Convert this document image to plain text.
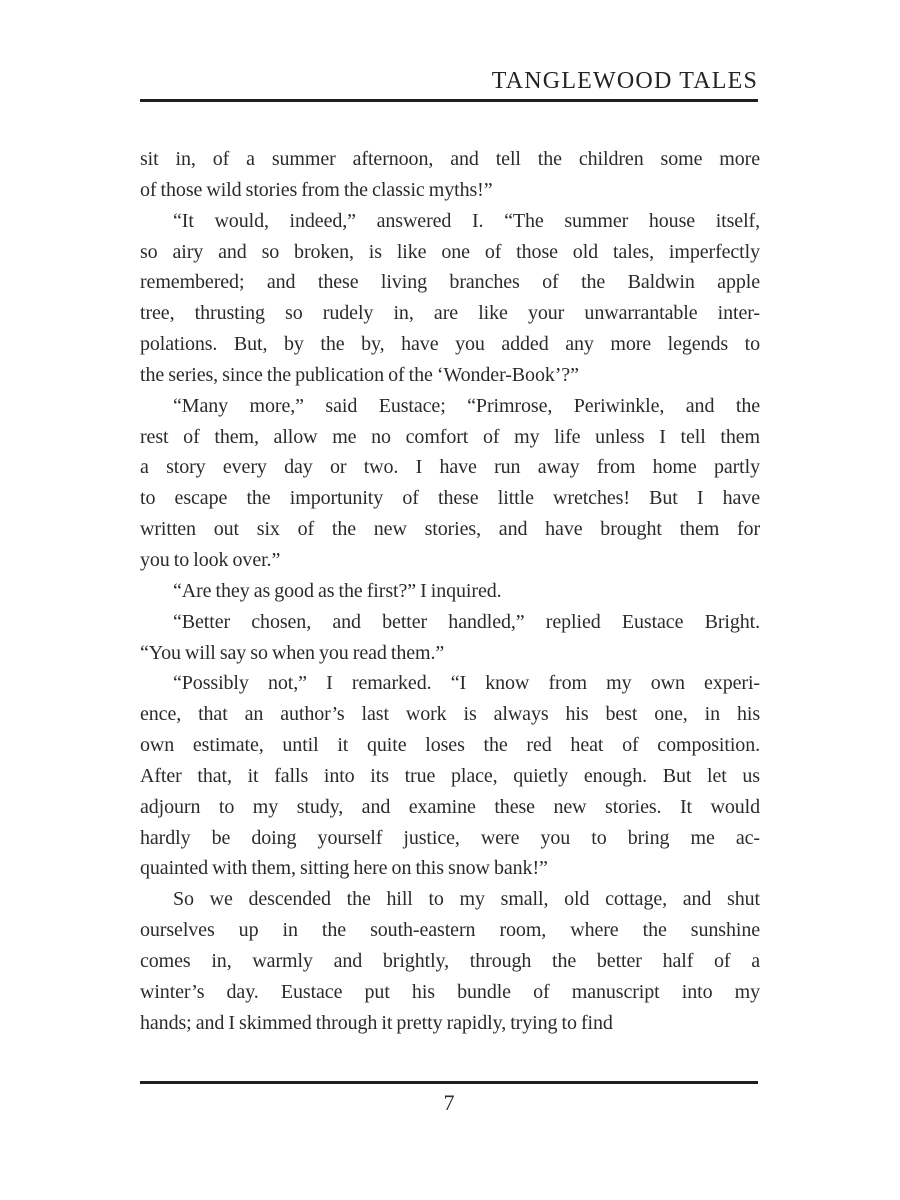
TANGLEWOOD TALES
sit in, of a summer afternoon, and tell the children some more
of those wild stories from the classic myths!”
“It would, indeed,” answered I. “The summer house itself,
so airy and so broken, is like one of those old tales, imperfectly
remembered; and these living branches of the Baldwin apple
tree, thrusting so rudely in, are like your unwarrantable inter-
polations. But, by the by, have you added any more legends to
the series, since the publication of the ‘Wonder-Book’?”
“Many more,” said Eustace; “Primrose, Periwinkle, and the
rest of them, allow me no comfort of my life unless I tell them
a story every day or two. I have run away from home partly
to escape the importunity of these little wretches! But I have
written out six of the new stories, and have brought them for
you to look over.”
“Are they as good as the first?” I inquired.
“Better chosen, and better handled,” replied Eustace Bright.
“You will say so when you read them.”
“Possibly not,” I remarked. “I know from my own experi-
ence, that an author’s last work is always his best one, in his
own estimate, until it quite loses the red heat of composition.
After that, it falls into its true place, quietly enough. But let us
adjourn to my study, and examine these new stories. It would
hardly be doing yourself justice, were you to bring me ac-
quainted with them, sitting here on this snow bank!”
So we descended the hill to my small, old cottage, and shut
ourselves up in the south-eastern room, where the sunshine
comes in, warmly and brightly, through the better half of a
winter’s day. Eustace put his bundle of manuscript into my
hands; and I skimmed through it pretty rapidly, trying to find
7
